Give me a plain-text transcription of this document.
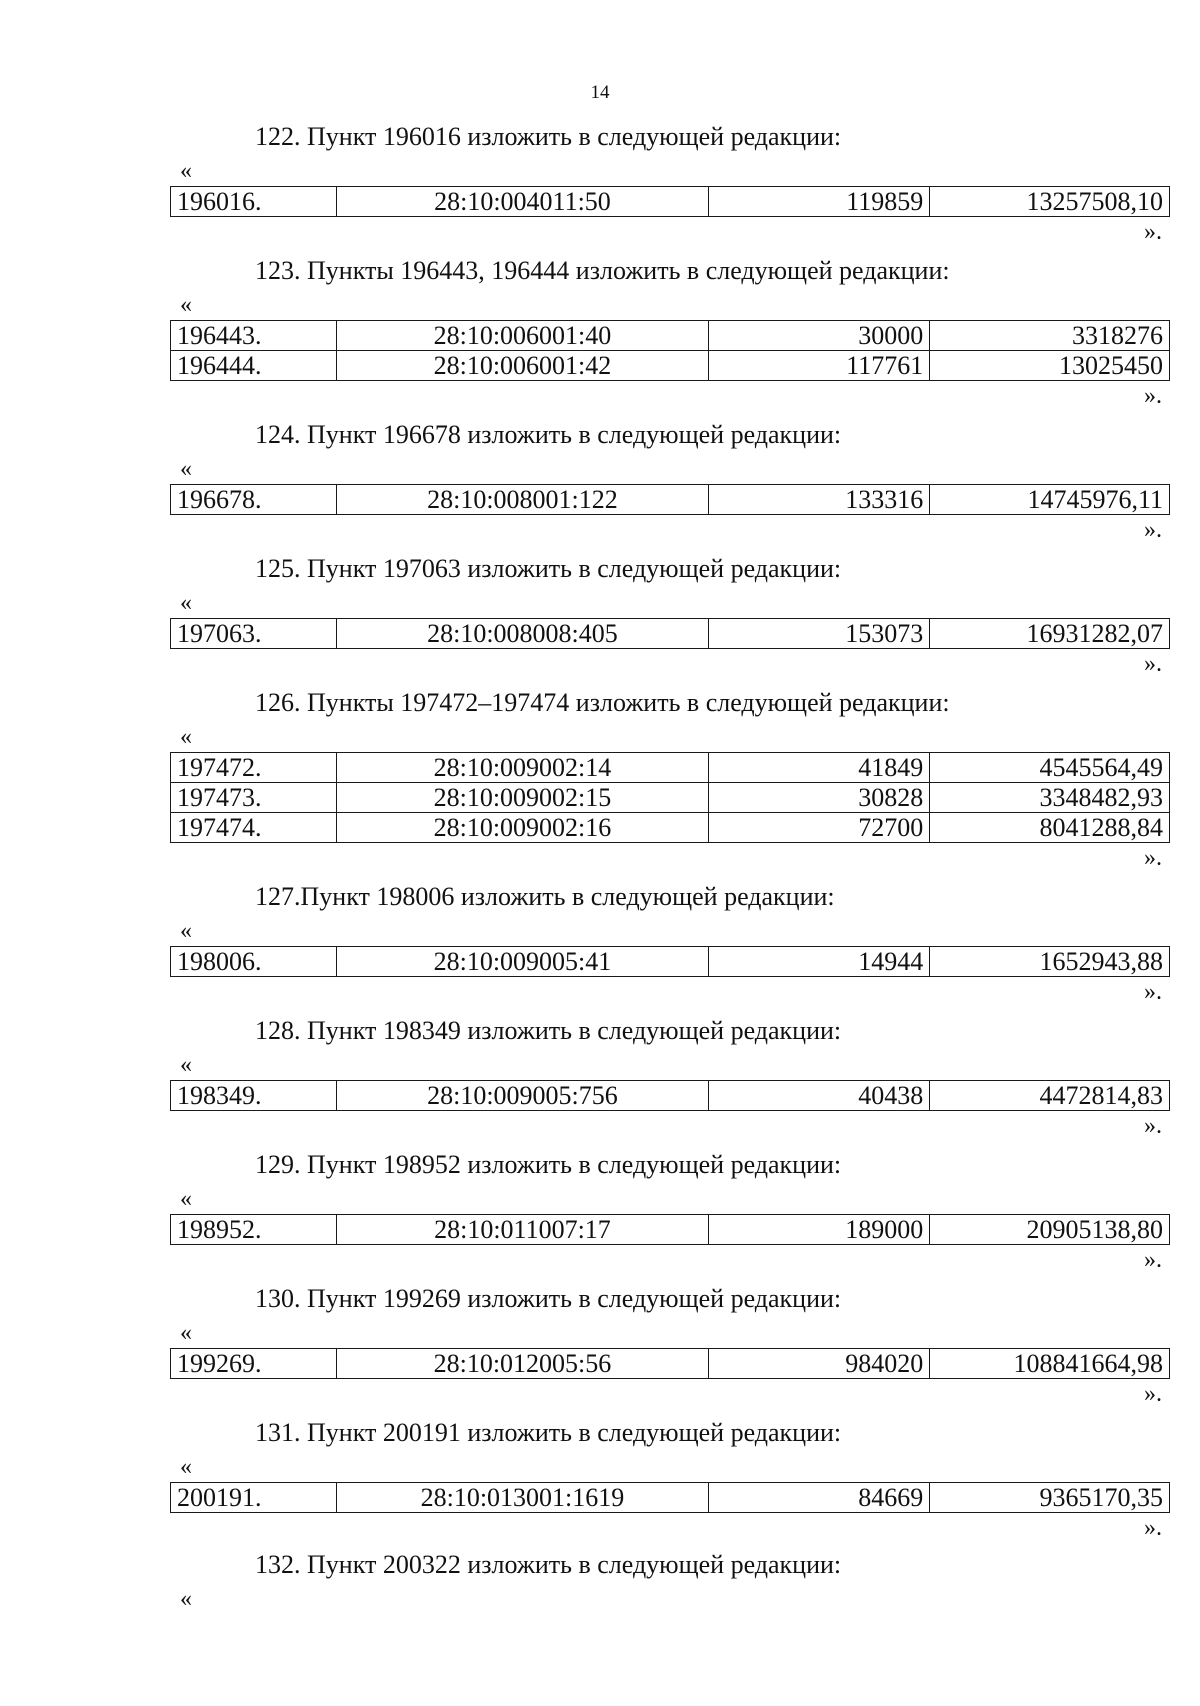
14
122. Пункт 196016 изложить в следующей редакции:
«
196016.	28:10:004011:50	119859	13257508,10
».
123. Пункты 196443, 196444 изложить в следующей редакции:
«
196443.	28:10:006001:40	30000	3318276
196444.	28:10:006001:42	117761	13025450
».
124. Пункт 196678 изложить в следующей редакции:
«
196678.	28:10:008001:122	133316	14745976,11
».
125. Пункт 197063 изложить в следующей редакции:
«
197063.	28:10:008008:405	153073	16931282,07
».
126. Пункты 197472–197474 изложить в следующей редакции:
«
197472.	28:10:009002:14	41849	4545564,49
197473.	28:10:009002:15	30828	3348482,93
197474.	28:10:009002:16	72700	8041288,84
».
127.Пункт 198006 изложить в следующей редакции:
«
198006.	28:10:009005:41	14944	1652943,88
».
128. Пункт 198349 изложить в следующей редакции:
«
198349.	28:10:009005:756	40438	4472814,83
».
129. Пункт 198952 изложить в следующей редакции:
«
198952.	28:10:011007:17	189000	20905138,80
».
130. Пункт 199269 изложить в следующей редакции:
«
199269.	28:10:012005:56	984020	108841664,98
».
131. Пункт 200191 изложить в следующей редакции:
«
200191.	28:10:013001:1619	84669	9365170,35
».
132. Пункт 200322 изложить в следующей редакции:
«
